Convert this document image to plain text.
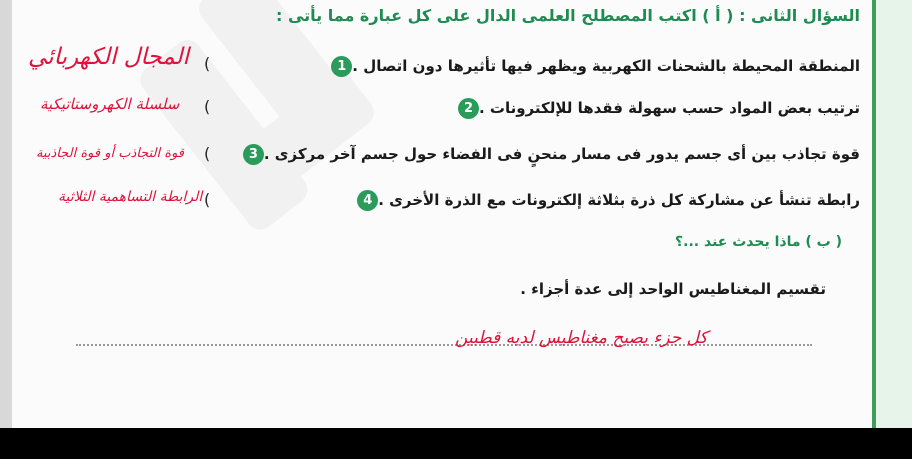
السؤال الثانى : ( أ ) اكتب المصطلح العلمى الدال على كل عبارة مما يأتى :
1 المنطقة المحيطة بالشحنات الكهربية ويظهر فيها تأثيرها دون اتصال .
(
المجال الكهربائي
2 ترتيب بعض المواد حسب سهولة فقدها للإلكترونات .
(
سلسلة الكهروستاتيكية
3 قوة تجاذب بين أى جسم يدور فى مسار منحنٍ فى الفضاء حول جسم آخر مركزى .
(
قوة التجاذب أو قوة الجاذبية
4 رابطة تنشأ عن مشاركة كل ذرة بثلاثة إلكترونات مع الذرة الأخرى .
(
الرابطة التساهمية الثلاثية
( ب ) ماذا يحدث عند ...؟
تقسيم المغناطيس الواحد إلى عدة أجزاء .
كل جزء يصبح مغناطيس لديه قطبين
